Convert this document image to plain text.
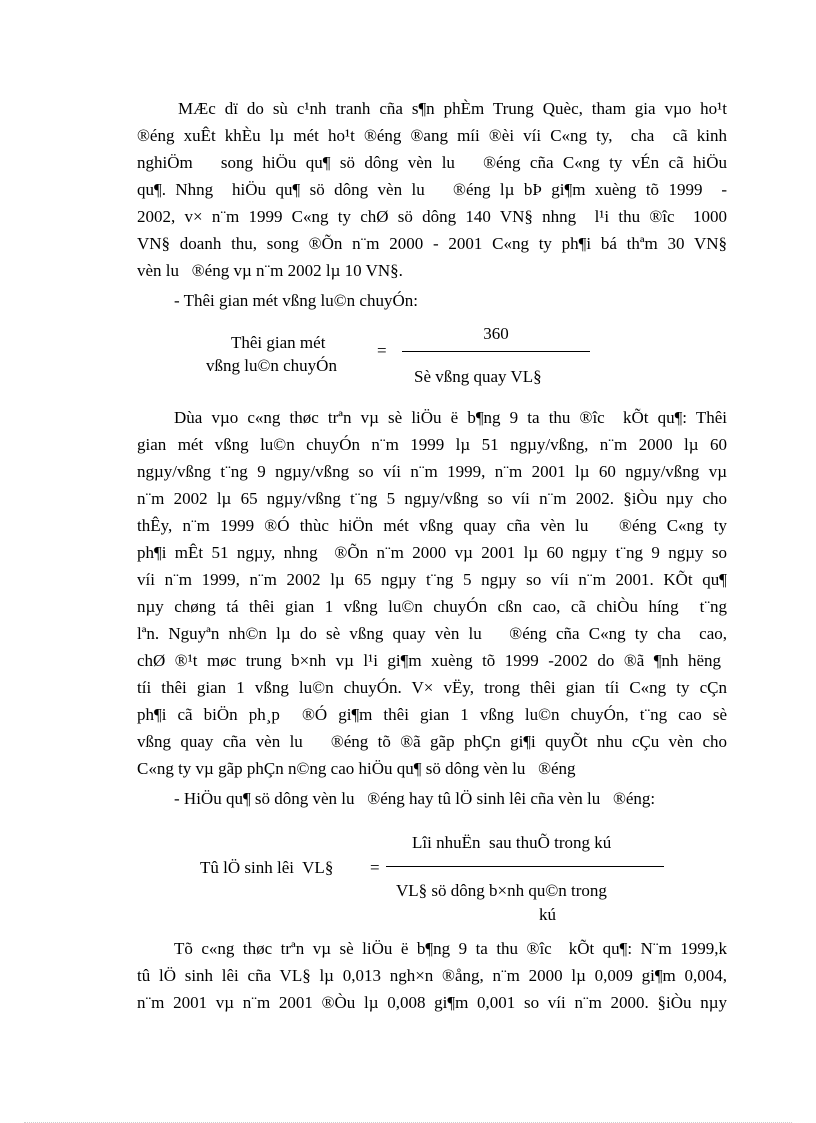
MÆc dï do sù c¹nh tranh cña s¶n phÈm Trung Quèc, tham gia vµo ho¹t
®éng xuÊt khÈu lµ mét ho¹t ®éng ®ang míi ®èi víi C«ng ty,  cha  cã kinh
nghiÖm   song hiÖu qu¶ sö dông vèn lu   ®éng cña C«ng ty vÉn cã hiÖu
qu¶. Nhng  hiÖu qu¶ sö dông vèn lu   ®éng lµ bÞ gi¶m xuèng tõ 1999  -
2002, v× n¨m 1999 C«ng ty chØ sö dông 140 VN§ nhng  l¹i thu ®îc  1000
VN§ doanh thu, song ®Õn n¨m 2000 - 2001 C«ng ty ph¶i bá thªm 30 VN§
vèn lu   ®éng vµ n¨m 2002 lµ 10 VN§.
- Thêi gian mét vßng lu©n chuyÓn:
Thêi gian mét
vßng lu©n chuyÓn
=
360
Sè vßng quay VL§
Dùa vµo c«ng thøc trªn vµ sè liÖu ë b¶ng 9 ta thu ®îc  kÕt qu¶: Thêi
gian mét vßng lu©n chuyÓn n¨m 1999 lµ 51 ngµy/vßng, n¨m 2000 lµ 60
ngµy/vßng t¨ng 9 ngµy/vßng so víi n¨m 1999, n¨m 2001 lµ 60 ngµy/vßng vµ
n¨m 2002 lµ 65 ngµy/vßng t¨ng 5 ngµy/vßng so víi n¨m 2002. §iÒu nµy cho
thÊy, n¨m 1999 ®Ó thùc hiÖn mét vßng quay cña vèn lu   ®éng C«ng ty
ph¶i mÊt 51 ngµy, nhng  ®Õn n¨m 2000 vµ 2001 lµ 60 ngµy t¨ng 9 ngµy so
víi n¨m 1999, n¨m 2002 lµ 65 ngµy t¨ng 5 ngµy so víi n¨m 2001. KÕt qu¶
nµy chøng tá thêi gian 1 vßng lu©n chuyÓn cßn cao, cã chiÒu híng  t¨ng
lªn. Nguyªn nh©n lµ do sè vßng quay vèn lu   ®éng cña C«ng ty cha  cao,
chØ ®¹t møc trung b×nh vµ l¹i gi¶m xuèng tõ 1999 -2002 do ®ã ¶nh hëng
tíi thêi gian 1 vßng lu©n chuyÓn. V× vËy, trong thêi gian tíi C«ng ty cÇn
ph¶i cã biÖn ph¸p  ®Ó gi¶m thêi gian 1 vßng lu©n chuyÓn, t¨ng cao sè
vßng quay cña vèn lu   ®éng tõ ®ã gãp phÇn gi¶i quyÕt nhu cÇu vèn cho
C«ng ty vµ gãp phÇn n©ng cao hiÖu qu¶ sö dông vèn lu   ®éng
- HiÖu qu¶ sö dông vèn lu   ®éng hay tû lÖ sinh lêi cña vèn lu   ®éng:
Tû lÖ sinh lêi  VL§ =
Lîi nhuËn  sau thuÕ trong kú
VL§ sö dông b×nh qu©n trong
kú
Tõ c«ng thøc trªn vµ sè liÖu ë b¶ng 9 ta thu ®îc  kÕt qu¶: N¨m 1999,k
tû lÖ sinh lêi cña VL§ lµ 0,013 ngh×n ®ång, n¨m 2000 lµ 0,009 gi¶m 0,004,
n¨m 2001 vµ n¨m 2001 ®Òu lµ 0,008 gi¶m 0,001 so víi n¨m 2000. §iÒu nµy
